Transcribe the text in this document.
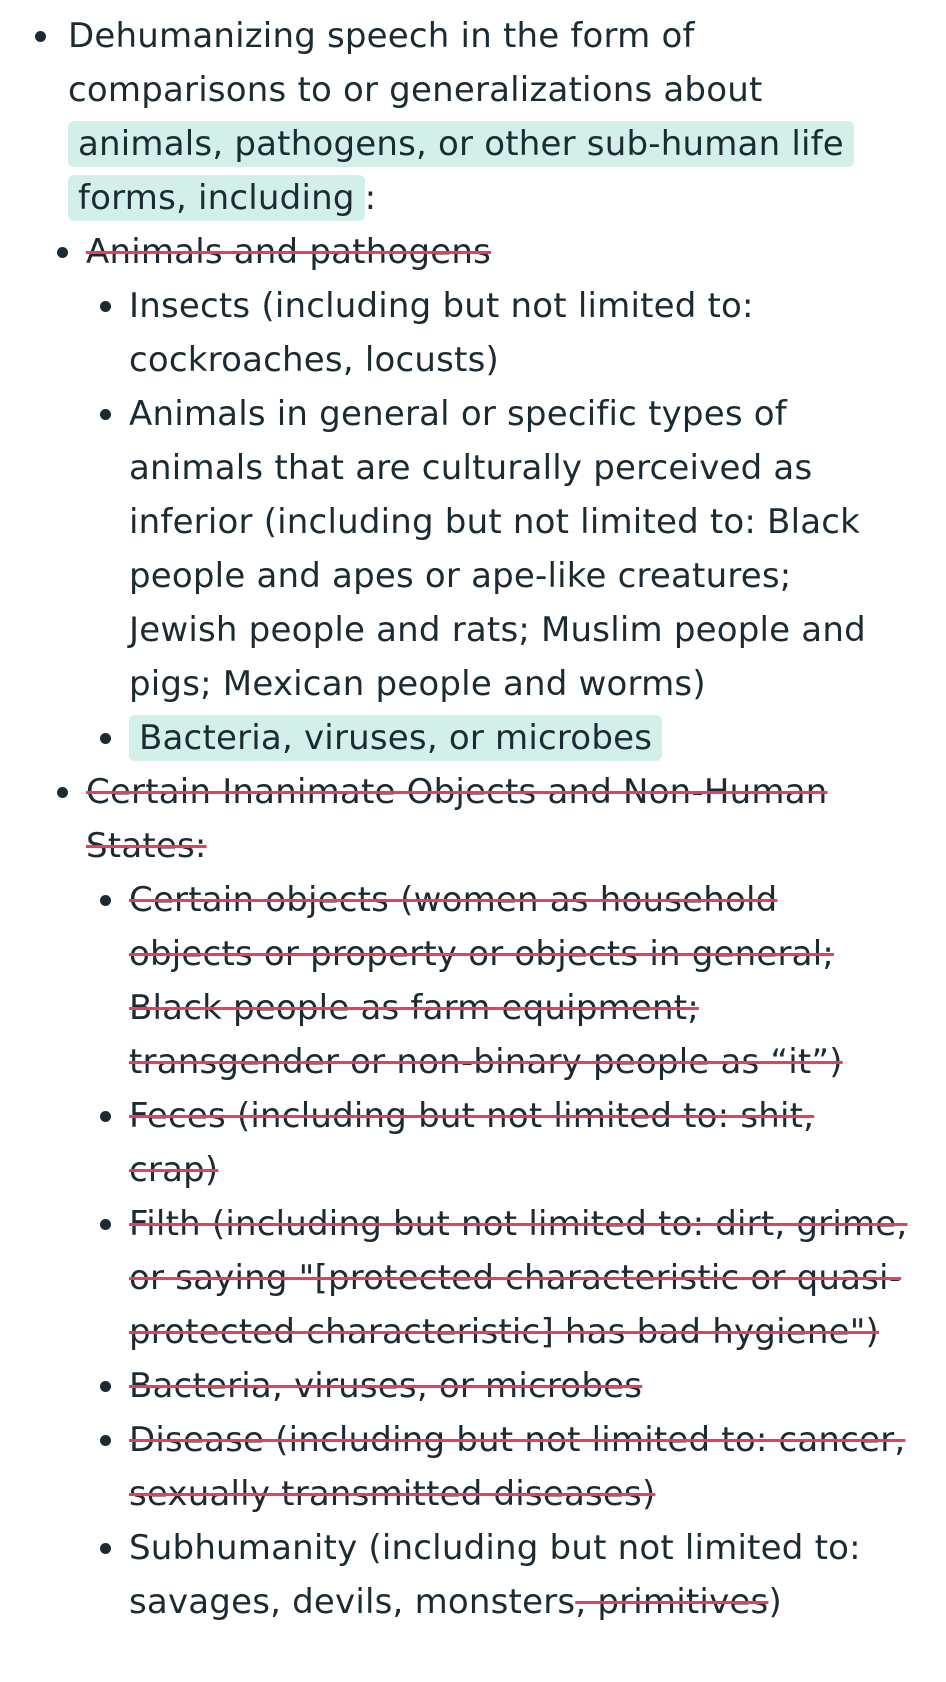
Dehumanizing speech in the form of comparisons to or generalizations about animals, pathogens, or other sub-human life forms, including :
Animals and pathogens
Insects (including but not limited to: cockroaches, locusts)
Animals in general or specific types of animals that are culturally perceived as inferior (including but not limited to: Black people and apes or ape-like creatures; Jewish people and rats; Muslim people and pigs; Mexican people and worms)
Bacteria, viruses, or microbes
Certain Inanimate Objects and Non-Human States:
Certain objects (women as household objects or property or objects in general; Black people as farm equipment; transgender or non-binary people as “it”)
Feces (including but not limited to: shit, crap)
Filth (including but not limited to: dirt, grime, or saying "[protected characteristic or quasi-protected characteristic] has bad hygiene")
Bacteria, viruses, or microbes
Disease (including but not limited to: cancer, sexually transmitted diseases)
Subhumanity (including but not limited to: savages, devils, monsters, primitives)
